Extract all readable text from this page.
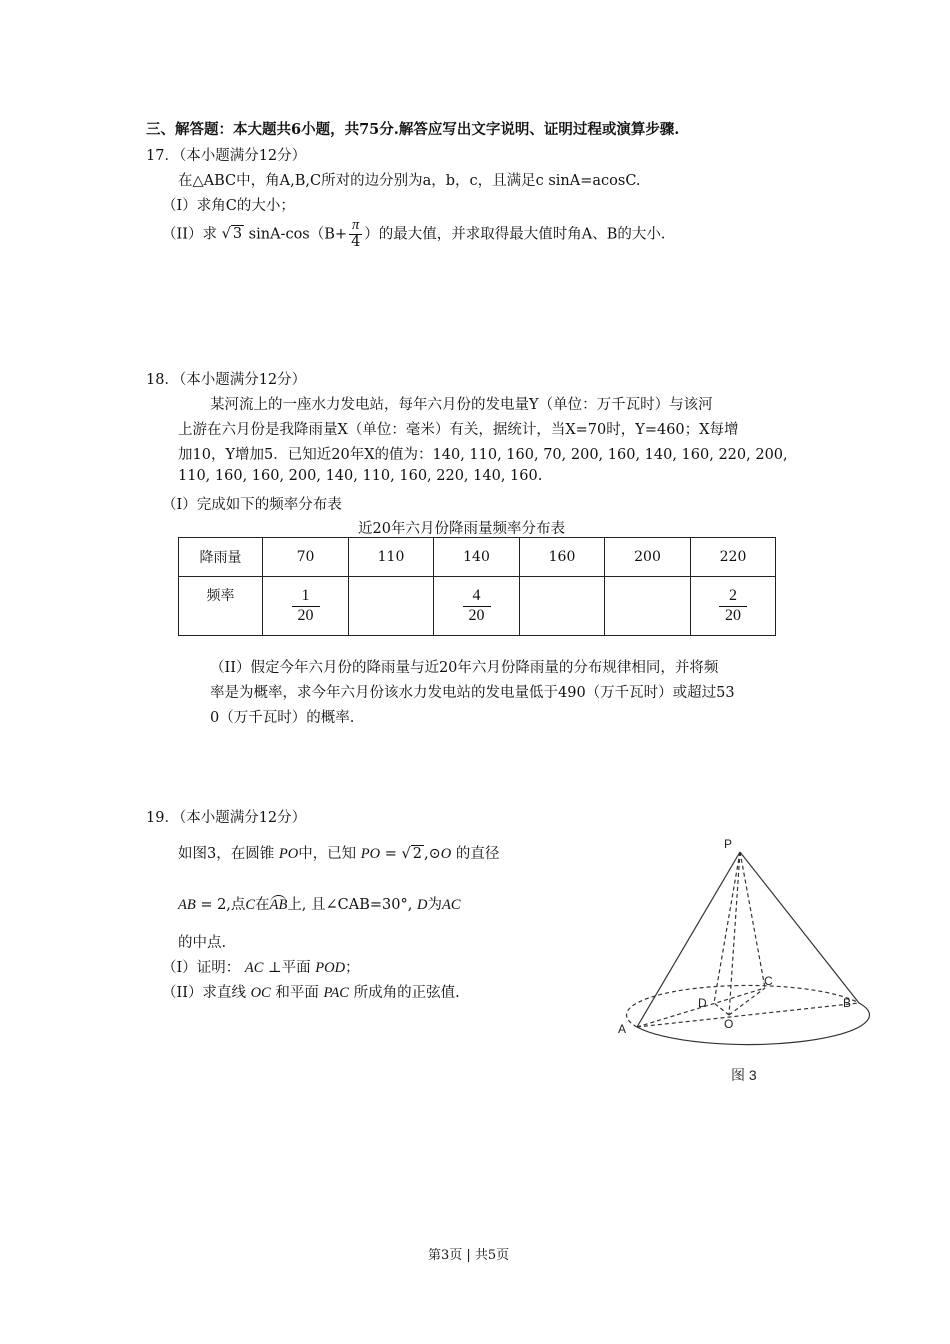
三、解答题：本大题共6小题，共75分.解答应写出文字说明、证明过程或演算步骤.
17．（本小题满分12分）
在△ABC中，角A,B,C所对的边分别为a，b，c，且满足c sinA=acosC.
（I）求角C的大小；
（II）求 √ 3 $\sin A-\cos(B+ \frac{\pi}{4}$ ）的最大值，并求取得最大值时角A、B的大小.
18．（本小题满分12分）
某河流上的一座水力发电站，每年六月份的发电量Y（单位：万千瓦时）与该河
上游在六月份是我降雨量X（单位：毫米）有关，据统计，当X=70时，Y=460；X每增
加10，Y增加5．已知近20年X的值为：140, 110, 160, 70, 200, 160, 140, 160, 220, 200,
110, 160, 160, 200, 140, 110, 160, 220, 140, 160.
（I）完成如下的频率分布表
近20年六月份降雨量频率分布表
降雨量	70	110	140	160	200	220
频率	$\frac{1}{20}$		$\frac{4}{20}$			$\frac{2}{20}$
（II）假定今年六月份的降雨量与近20年六月份降雨量的分布规律相同，并将频
率是为概率，求今年六月份该水力发电站的发电量低于490（万千瓦时）或超过53
0（万千瓦时）的概率.
19．（本小题满分12分）
如图3，在圆锥 PO中，已知 PO = √ 2 ,⊙O 的直径
AB = 2,点C在AB上, 且∠CAB=30°, D为AC
的中点.
（I）证明： AC ⊥平面 POD；
（II）求直线 OC 和平面 PAC 所成角的正弦值.
P
A
B
C
D
O
图 3
第3页 | 共5页
